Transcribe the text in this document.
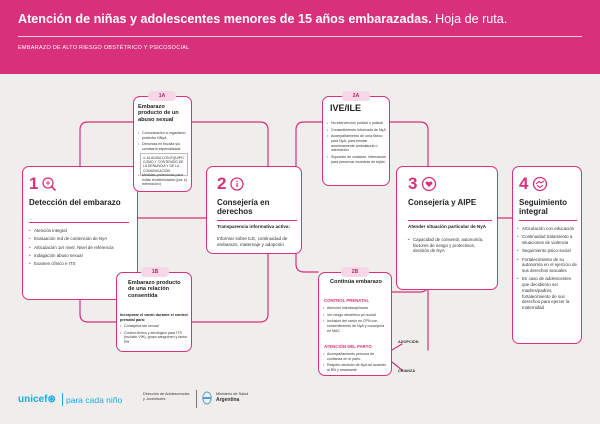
Atención de niñas y adolescentes menores de 15 años embarazadas. Hoja de ruta.
EMBARAZO DE ALTO RIESGO OBSTÉTRICO Y PSICOSOCIAL
1
Detección del embarazo
• Atención integral
• Evaluación red de contención de NyA
• Articulación 1er nivel. Nivel de referencia
• Indagación abuso sexual
• Examen clínico e ITS
1A
Embarazo producto de un abuso sexual
• Comunicación a organismo protector NNyA
• Denuncia en fiscalía y/o comisaría especializada
4. ALUDIDA CON EQUIPO COMO Y CONTENIDO DE LA DENUNCIA Y DE LA COMUNICACIÓN
• Medidas protectoras para evitar revictimización (por ej. internación)
1B
Embarazo producto de una relación consentida
Incorporar el varón durante el control prenatal para:
• Consejería del sexual
• Control clínico y serológico para ITS (incluido VIH), grupo sanguíneo y factor RH
2
Consejería en derechos
Transparencia informativa activa:
Informar sobre ILE, continuidad de embarazo, maternaje y adopción
2A
IVE/ILE
• No intervención policial o judicial
• Consentimiento informado de NyA
• Acompañamiento de un/a flanco para NyA, para brindar anónimamente ambulatoria o internación
• Supuesto de violación: Internación para preservar muestras de tejido
2B
Continúa embarazo
CONTROL PRENATAL
• Atención interdisciplinaria
• Ver riesgo obstétrico y/o social
• Inclusión del varón en CPN con consentimiento de NyA y consejería en MAC
ATENCIÓN DEL PARTO
• Acompañamiento persona de confianza en el parto
• Respeto decisión de NyA de acuerdo al RN y amamante
ADOPCIÓN
CRIANZA
3
Consejería y AIPE
Atender situación particular de NyA
• Capacidad de consentir, autonomía, factores de riesgo y protectivos, decisión de NyA
4
Seguimiento integral
• Articulación con educación
• Continuidad tratamiento a situaciones de violencia
• Seguimiento psico-social
• Fortalecimiento de su autonomía en el ejercicio de sus derechos sexuales
• En caso de adolescentes que decidieron ser madres/padres, fortalecimiento de sus derechos para ejercer la maternidad
unicef⊛ para cada niño
Dirección de Adolescencias
y Juventudes
Ministerio de Salud
Argentina
